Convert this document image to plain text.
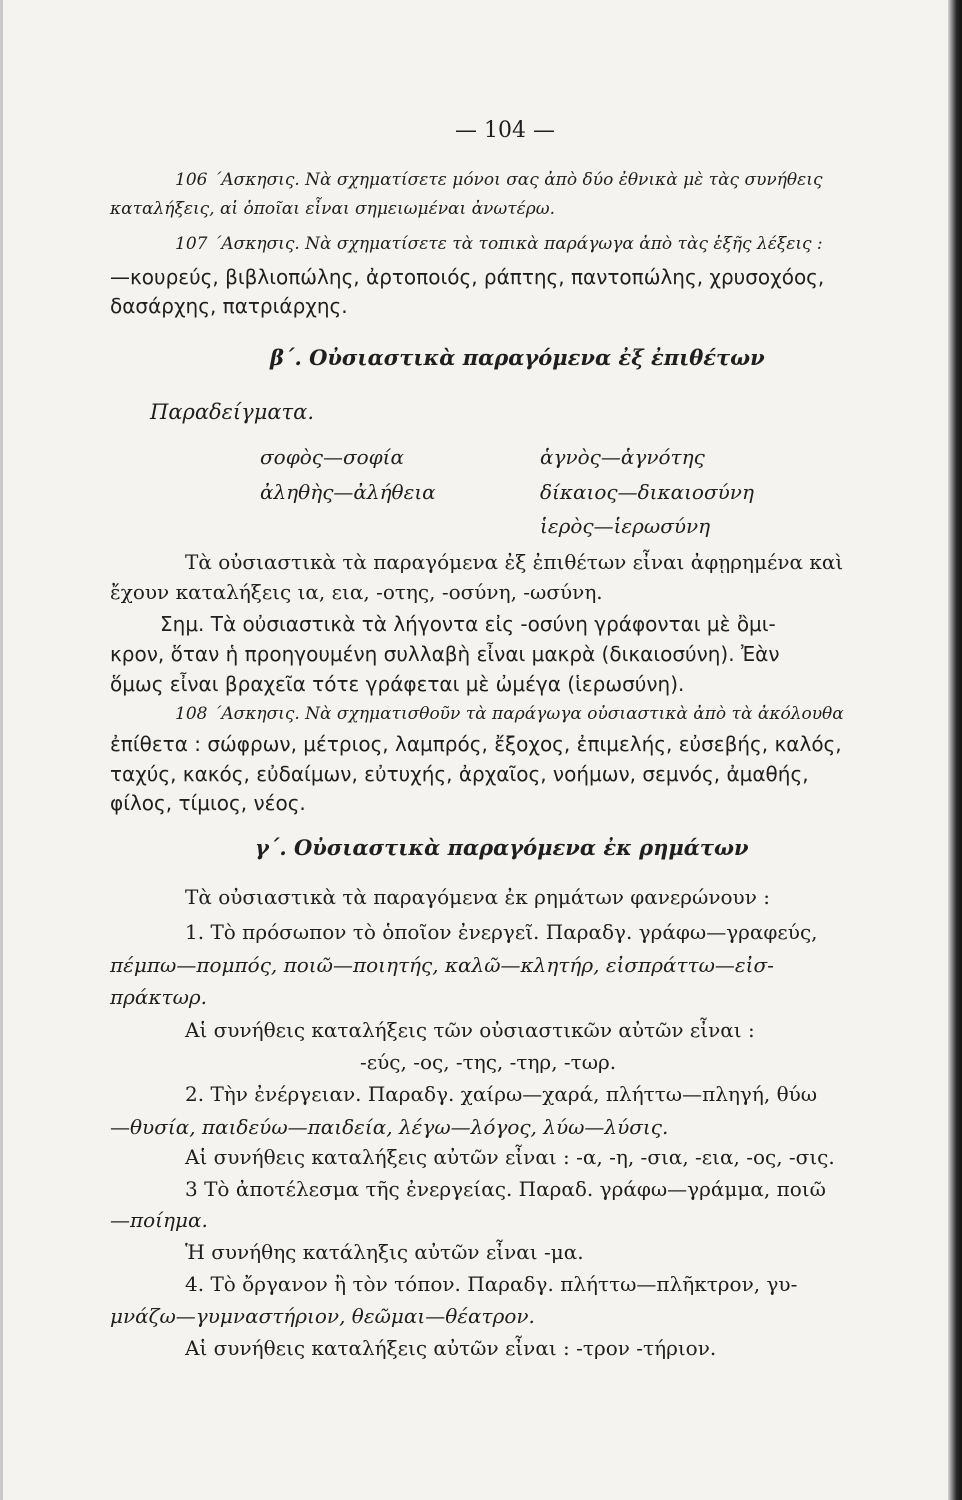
— 104 —
106 ΄Ασκησις. Νὰ σχηματίσετε μόνοι σας ἀπὸ δύο ἐθνικὰ μὲ τὰς συνήθεις
καταλήξεις, αἱ ὁποῖαι εἶναι σημειωμέναι ἀνωτέρω.
107 ΄Ασκησις. Νὰ σχηματίσετε τὰ τοπικὰ παράγωγα ἀπὸ τὰς ἑξῆς λέξεις :
—κουρεύς, βιβλιοπώλης, ἀρτοποιός, ράπτης, παντοπώλης, χρυσοχόος,
δασάρχης, πατριάρχης.
β΄. Οὐσιαστικὰ παραγόμενα ἐξ ἐπιθέτων
Παραδείγματα.
σοφὸς—σοφία
ἀληθὴς—ἀλήθεια
ἁγνὸς—ἁγνότης
δίκαιος—δικαιοσύνη
ἱερὸς—ἱερωσύνη
Τὰ οὐσιαστικὰ τὰ παραγόμενα ἐξ ἐπιθέτων εἶναι ἀφῃρημένα καὶ
ἔχουν καταλήξεις ια, εια, -οτης, -οσύνη, -ωσύνη.
Σημ. Τὰ οὐσιαστικὰ τὰ λήγοντα εἰς -οσύνη γράφονται μὲ ὂμι-
κρον, ὅταν ἡ προηγουμένη συλλαβὴ εἶναι μακρὰ (δικαιοσύνη). Ἐὰν
ὅμως εἶναι βραχεῖα τότε γράφεται μὲ ὠμέγα (ἱερωσύνη).
108 ΄Ασκησις. Νὰ σχηματισθοῦν τὰ παράγωγα οὐσιαστικὰ ἀπὸ τὰ ἀκόλουθα
ἐπίθετα : σώφρων, μέτριος, λαμπρός, ἔξοχος, ἐπιμελής, εὐσεβής, καλός,
ταχύς, κακός, εὐδαίμων, εὐτυχής, ἀρχαῖος, νοήμων, σεμνός, ἀμαθής,
φίλος, τίμιος, νέος.
γ΄. Οὐσιαστικὰ παραγόμενα ἐκ ρημάτων
Τὰ οὐσιαστικὰ τὰ παραγόμενα ἐκ ρημάτων φανερώνουν :
1. Τὸ πρόσωπον τὸ ὁποῖον ἐνεργεῖ. Παραδγ. γράφω—γραφεύς,
πέμπω—πομπός, ποιῶ—ποιητής, καλῶ—κλητήρ, εἰσπράττω—εἰσ-
πράκτωρ.
Αἱ συνήθεις καταλήξεις τῶν οὐσιαστικῶν αὐτῶν εἶναι :
-εύς, -ος, -της, -τηρ, -τωρ.
2. Τὴν ἐνέργειαν. Παραδγ. χαίρω—χαρά, πλήττω—πληγή, θύω
—θυσία, παιδεύω—παιδεία, λέγω—λόγος, λύω—λύσις.
Αἱ συνήθεις καταλήξεις αὐτῶν εἶναι : -α, -η, -σια, -εια, -ος, -σις.
3 Τὸ ἀποτέλεσμα τῆς ἐνεργείας. Παραδ. γράφω—γράμμα, ποιῶ
—ποίημα.
Ἡ συνήθης κατάληξις αὐτῶν εἶναι -μα.
4. Τὸ ὄργανον ἢ τὸν τόπον. Παραδγ. πλήττω—πλῆκτρον, γυ-
μνάζω—γυμναστήριον, θεῶμαι—θέατρον.
Αἱ συνήθεις καταλήξεις αὐτῶν εἶναι : -τρον -τήριον.
